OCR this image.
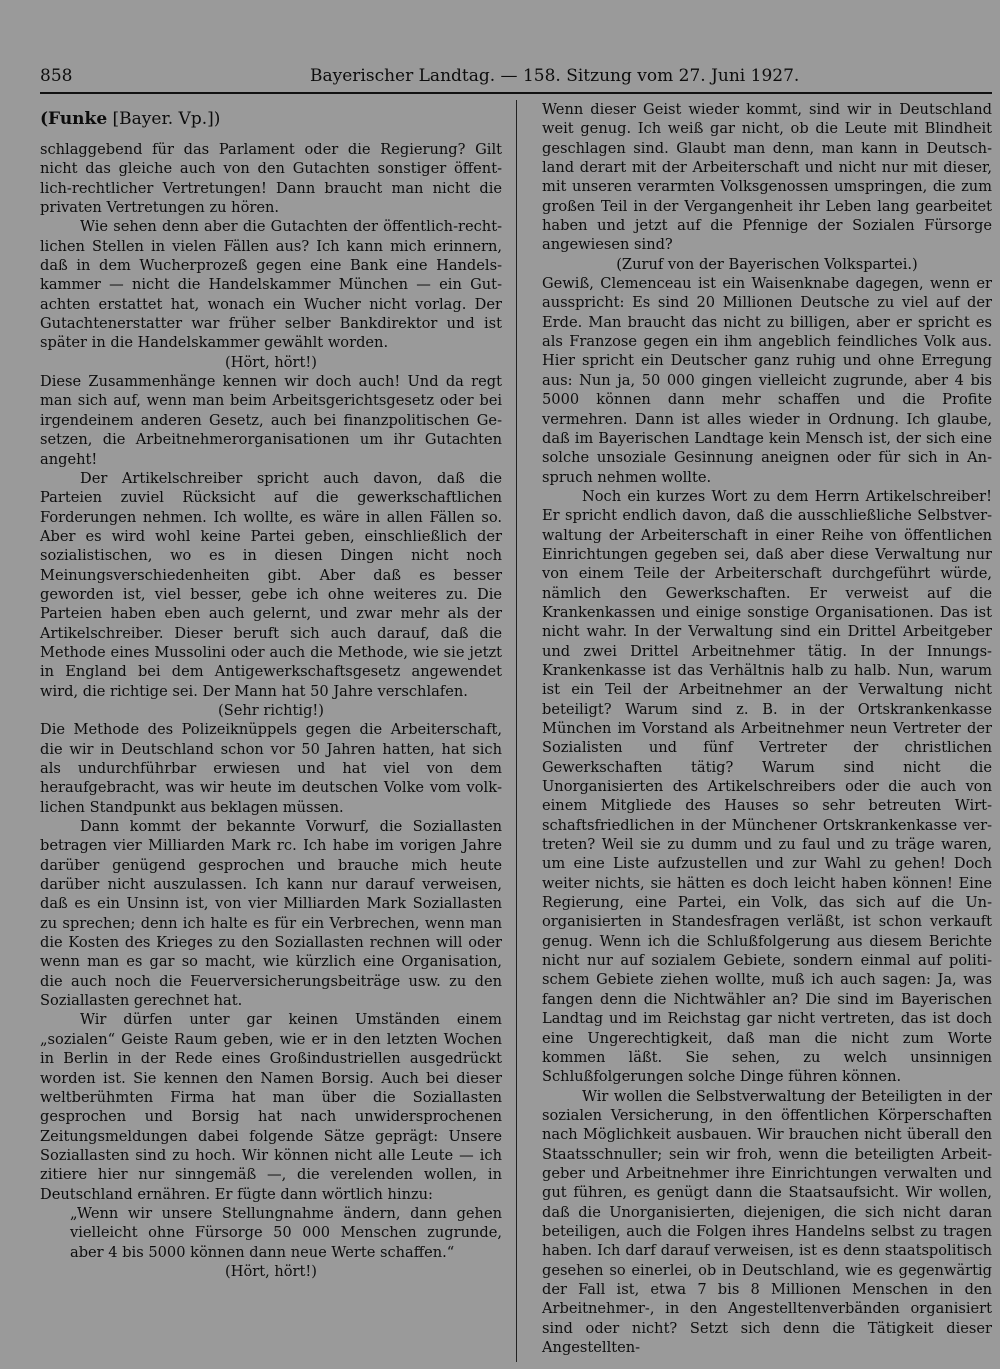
858	Bayerischer Landtag. — 158. Sitzung vom 27. Juni 1927.

(Funke [Bayer. Vp.])

schlaggebend für das Parlament oder die Regierung? Gilt nicht das gleiche auch von den Gutachten sonstiger öffentlich-rechtlicher Vertretungen! Dann braucht man nicht die privaten Vertretungen zu hören.

Wie sehen denn aber die Gutachten der öffentlich-rechtlichen Stellen in vielen Fällen aus? Ich kann mich erinnern, daß in dem Wucherprozeß gegen eine Bank eine Handelskammer — nicht die Handelskammer München — ein Gutachten erstattet hat, wonach ein Wucher nicht vorlag. Der Gutachtenerstatter war früher selber Bankdirektor und ist später in die Handelskammer gewählt worden.

(Hört, hört!)

Diese Zusammenhänge kennen wir doch auch! Und da regt man sich auf, wenn man beim Arbeitsgerichtsgesetz oder bei irgendeinem anderen Gesetz, auch bei finanzpolitischen Gesetzen, die Arbeitnehmerorganisationen um ihr Gutachten angeht!

Der Artikelschreiber spricht auch davon, daß die Parteien zuviel Rücksicht auf die gewerkschaftlichen Forderungen nehmen. Ich wollte, es wäre in allen Fällen so. Aber es wird wohl keine Partei geben, einschließlich der sozialistischen, wo es in diesen Dingen nicht noch Meinungsverschiedenheiten gibt. Aber daß es besser geworden ist, viel besser, gebe ich ohne weiteres zu. Die Parteien haben eben auch gelernt, und zwar mehr als der Artikelschreiber. Dieser beruft sich auch darauf, daß die Methode eines Mussolini oder auch die Methode, wie sie jetzt in England bei dem Antigewerkschaftsgesetz angewendet wird, die richtige sei. Der Mann hat 50 Jahre verschlafen.

(Sehr richtig!)

Die Methode des Polizeiknüppels gegen die Arbeiterschaft, die wir in Deutschland schon vor 50 Jahren hatten, hat sich als undurchführbar erwiesen und hat viel von dem heraufgebracht, was wir heute im deutschen Volke vom volklichen Standpunkt aus beklagen müssen.

Dann kommt der bekannte Vorwurf, die Soziallasten betragen vier Milliarden Mark rc. Ich habe im vorigen Jahre darüber genügend gesprochen und brauche mich heute darüber nicht auszulassen. Ich kann nur darauf verweisen, daß es ein Unsinn ist, von vier Milliarden Mark Soziallasten zu sprechen; denn ich halte es für ein Verbrechen, wenn man die Kosten des Krieges zu den Soziallasten rechnen will oder wenn man es gar so macht, wie kürzlich eine Organisation, die auch noch die Feuerversicherungsbeiträge usw. zu den Soziallasten gerechnet hat.

Wir dürfen unter gar keinen Umständen einem „sozialen“ Geiste Raum geben, wie er in den letzten Wochen in Berlin in der Rede eines Großindustriellen ausgedrückt worden ist. Sie kennen den Namen Borsig. Auch bei dieser weltberühmten Firma hat man über die Soziallasten gesprochen und Borsig hat nach unwidersprochenen Zeitungsmeldungen dabei folgende Sätze geprägt: Unsere Soziallasten sind zu hoch. Wir können nicht alle Leute — ich zitiere hier nur sinngemäß —, die verelenden wollen, in Deutschland ernähren. Er fügte dann wörtlich hinzu:

„Wenn wir unsere Stellungnahme ändern, dann gehen vielleicht ohne Fürsorge 50 000 Menschen zugrunde, aber 4 bis 5000 können dann neue Werte schaffen.“

(Hört, hört!)

Wenn dieser Geist wieder kommt, sind wir in Deutschland weit genug. Ich weiß gar nicht, ob die Leute mit Blindheit geschlagen sind. Glaubt man denn, man kann in Deutschland derart mit der Arbeiterschaft und nicht nur mit dieser, mit unseren verarmten Volksgenossen umspringen, die zum großen Teil in der Vergangenheit ihr Leben lang gearbeitet haben und jetzt auf die Pfennige der Sozialen Fürsorge angewiesen sind?

(Zuruf von der Bayerischen Volkspartei.)

Gewiß, Clemenceau ist ein Waisenknabe dagegen, wenn er ausspricht: Es sind 20 Millionen Deutsche zu viel auf der Erde. Man braucht das nicht zu billigen, aber er spricht es als Franzose gegen ein ihm angeblich feindliches Volk aus. Hier spricht ein Deutscher ganz ruhig und ohne Erregung aus: Nun ja, 50 000 gingen vielleicht zugrunde, aber 4 bis 5000 können dann mehr schaffen und die Profite vermehren. Dann ist alles wieder in Ordnung. Ich glaube, daß im Bayerischen Landtage kein Mensch ist, der sich eine solche unsoziale Gesinnung aneignen oder für sich in Anspruch nehmen wollte.

Noch ein kurzes Wort zu dem Herrn Artikelschreiber! Er spricht endlich davon, daß die ausschließliche Selbstverwaltung der Arbeiterschaft in einer Reihe von öffentlichen Einrichtungen gegeben sei, daß aber diese Verwaltung nur von einem Teile der Arbeiterschaft durchgeführt würde, nämlich den Gewerkschaften. Er verweist auf die Krankenkassen und einige sonstige Organisationen. Das ist nicht wahr. In der Verwaltung sind ein Drittel Arbeitgeber und zwei Drittel Arbeitnehmer tätig. In der Innungs-Krankenkasse ist das Verhältnis halb zu halb. Nun, warum ist ein Teil der Arbeitnehmer an der Verwaltung nicht beteiligt? Warum sind z. B. in der Ortskrankenkasse München im Vorstand als Arbeitnehmer neun Vertreter der Sozialisten und fünf Vertreter der christlichen Gewerkschaften tätig? Warum sind nicht die Unorganisierten des Artikelschreibers oder die auch von einem Mitgliede des Hauses so sehr betreuten Wirtschaftsfriedlichen in der Münchener Ortskrankenkasse vertreten? Weil sie zu dumm und zu faul und zu träge waren, um eine Liste aufzustellen und zur Wahl zu gehen! Doch weiter nichts, sie hätten es doch leicht haben können! Eine Regierung, eine Partei, ein Volk, das sich auf die Unorganisierten in Standesfragen verläßt, ist schon verkauft genug. Wenn ich die Schlußfolgerung aus diesem Berichte nicht nur auf sozialem Gebiete, sondern einmal auf politischem Gebiete ziehen wollte, muß ich auch sagen: Ja, was fangen denn die Nichtwähler an? Die sind im Bayerischen Landtag und im Reichstag gar nicht vertreten, das ist doch eine Ungerechtigkeit, daß man die nicht zum Worte kommen läßt. Sie sehen, zu welch unsinnigen Schlußfolgerungen solche Dinge führen können.

Wir wollen die Selbstverwaltung der Beteiligten in der sozialen Versicherung, in den öffentlichen Körperschaften nach Möglichkeit ausbauen. Wir brauchen nicht überall den Staatsschnuller; sein wir froh, wenn die beteiligten Arbeitgeber und Arbeitnehmer ihre Einrichtungen verwalten und gut führen, es genügt dann die Staatsaufsicht. Wir wollen, daß die Unorganisierten, diejenigen, die sich nicht daran beteiligen, auch die Folgen ihres Handelns selbst zu tragen haben. Ich darf darauf verweisen, ist es denn staatspolitisch gesehen so einerlei, ob in Deutschland, wie es gegenwärtig der Fall ist, etwa 7 bis 8 Millionen Menschen in den Arbeitnehmer-, in den Angestelltenverbänden organisiert sind oder nicht? Setzt sich denn die Tätigkeit dieser Angestellten-
